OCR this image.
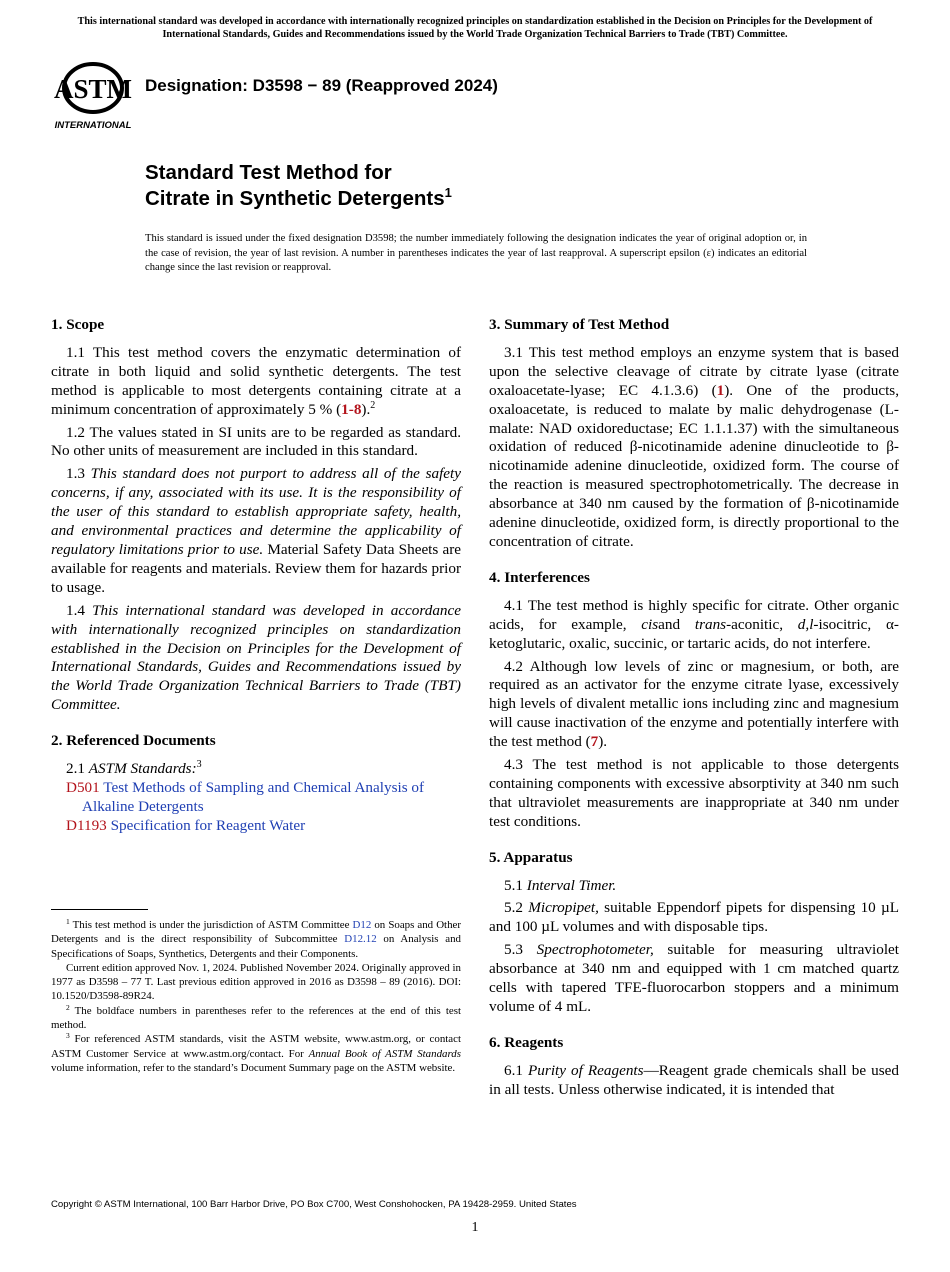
This international standard was developed in accordance with internationally recognized principles on standardization established in the Decision on Principles for the Development of International Standards, Guides and Recommendations issued by the World Trade Organization Technical Barriers to Trade (TBT) Committee.
ASTM
INTERNATIONAL
Designation: D3598 − 89 (Reapproved 2024)
Standard Test Method for
Citrate in Synthetic Detergents$^1$
This standard is issued under the fixed designation D3598; the number immediately following the designation indicates the year of original adoption or, in the case of revision, the year of last revision. A number in parentheses indicates the year of last reapproval. A superscript epsilon (ε) indicates an editorial change since the last revision or reapproval.
1. Scope

1.1 This test method covers the enzymatic determination of citrate in both liquid and solid synthetic detergents. The test method is applicable to most detergents containing citrate at a minimum concentration of approximately 5 % (1-8).$^2$

1.2 The values stated in SI units are to be regarded as standard. No other units of measurement are included in this standard.

1.3 This standard does not purport to address all of the safety concerns, if any, associated with its use. It is the responsibility of the user of this standard to establish appropriate safety, health, and environmental practices and determine the applicability of regulatory limitations prior to use. Material Safety Data Sheets are available for reagents and materials. Review them for hazards prior to usage.

1.4 This international standard was developed in accordance with internationally recognized principles on standardization established in the Decision on Principles for the Development of International Standards, Guides and Recommendations issued by the World Trade Organization Technical Barriers to Trade (TBT) Committee.

2. Referenced Documents

2.1 ASTM Standards:$^3$

D501 Test Methods of Sampling and Chemical Analysis of Alkaline Detergents

D1193 Specification for Reagent Water

$^1$ This test method is under the jurisdiction of ASTM Committee D12 on Soaps and Other Detergents and is the direct responsibility of Subcommittee D12.12 on Analysis and Specifications of Soaps, Synthetics, Detergents and their Components.

Current edition approved Nov. 1, 2024. Published November 2024. Originally approved in 1977 as D3598 – 77 T. Last previous edition approved in 2016 as D3598 – 89 (2016). DOI: 10.1520/D3598-89R24.

$^2$ The boldface numbers in parentheses refer to the references at the end of this test method.

$^3$ For referenced ASTM standards, visit the ASTM website, www.astm.org, or contact ASTM Customer Service at www.astm.org/contact. For Annual Book of ASTM Standards volume information, refer to the standard’s Document Summary page on the ASTM website.

3. Summary of Test Method

3.1 This test method employs an enzyme system that is based upon the selective cleavage of citrate by citrate lyase (citrate oxaloacetate-lyase; EC 4.1.3.6) (1). One of the products, oxaloacetate, is reduced to malate by malic dehydrogenase (L-malate: NAD oxidoreductase; EC 1.1.1.37) with the simultaneous oxidation of reduced β-nicotinamide adenine dinucleotide to β-nicotinamide adenine dinucleotide, oxidized form. The course of the reaction is measured spectrophotometrically. The decrease in absorbance at 340 nm caused by the formation of β-nicotinamide adenine dinucleotide, oxidized form, is directly proportional to the concentration of citrate.

4. Interferences

4.1 The test method is highly specific for citrate. Other organic acids, for example, cisand trans-aconitic, d,l-isocitric, α-ketoglutaric, oxalic, succinic, or tartaric acids, do not interfere.

4.2 Although low levels of zinc or magnesium, or both, are required as an activator for the enzyme citrate lyase, excessively high levels of divalent metallic ions including zinc and magnesium will cause inactivation of the enzyme and potentially interfere with the test method (7).

4.3 The test method is not applicable to those detergents containing components with excessive absorptivity at 340 nm such that ultraviolet measurements are inappropriate at 340 nm under test conditions.

5. Apparatus

5.1 Interval Timer.

5.2 Micropipet, suitable Eppendorf pipets for dispensing 10 µL and 100 µL volumes and with disposable tips.

5.3 Spectrophotometer, suitable for measuring ultraviolet absorbance at 340 nm and equipped with 1 cm matched quartz cells with tapered TFE-fluorocarbon stoppers and a minimum volume of 4 mL.

6. Reagents

6.1 Purity of Reagents—Reagent grade chemicals shall be used in all tests. Unless otherwise indicated, it is intended that

Copyright © ASTM International, 100 Barr Harbor Drive, PO Box C700, West Conshohocken, PA 19428-2959. United States
1
